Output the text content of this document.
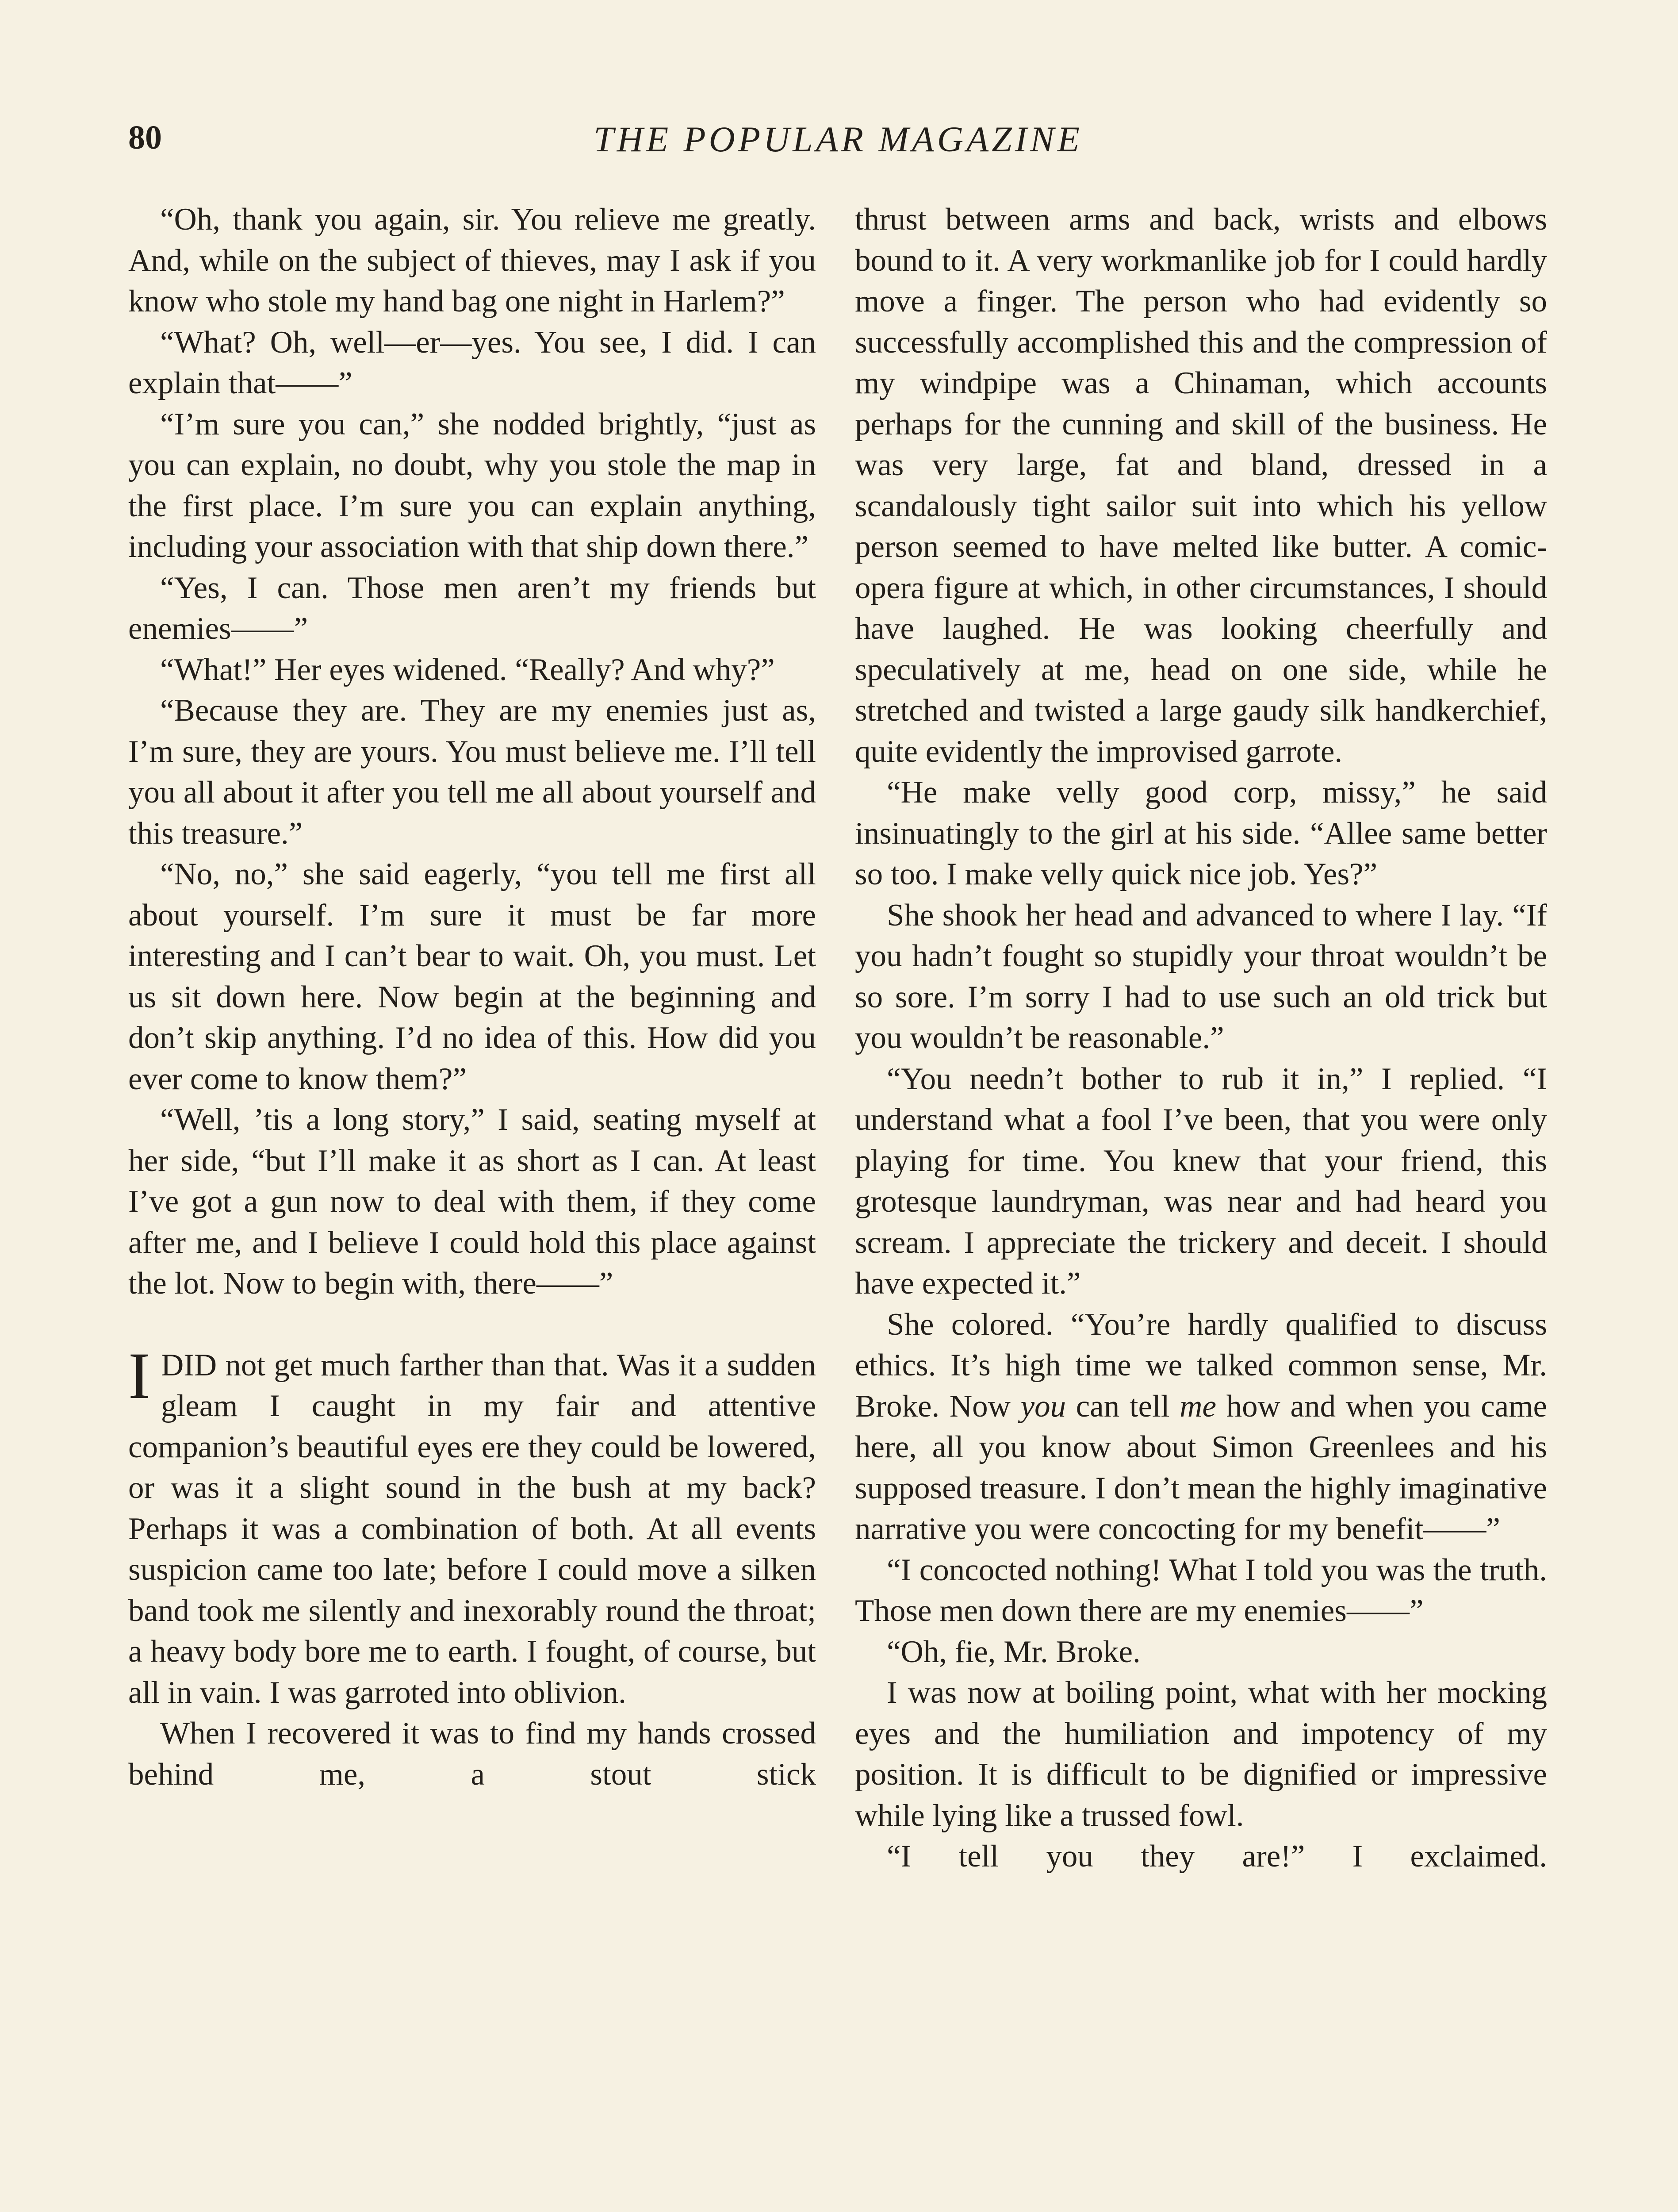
80	THE POPULAR MAGAZINE

“Oh, thank you again, sir. You relieve me greatly. And, while on the subject of thieves, may I ask if you know who stole my hand bag one night in Harlem?”

“What? Oh, well—er—yes. You see, I did. I can explain that——”

“I’m sure you can,” she nodded brightly, “just as you can explain, no doubt, why you stole the map in the first place. I’m sure you can explain anything, including your association with that ship down there.”

“Yes, I can. Those men aren’t my friends but enemies——”

“What!” Her eyes widened. “Really? And why?”

“Because they are. They are my enemies just as, I’m sure, they are yours. You must believe me. I’ll tell you all about it after you tell me all about yourself and this treasure.”

“No, no,” she said eagerly, “you tell me first all about yourself. I’m sure it must be far more interesting and I can’t bear to wait. Oh, you must. Let us sit down here. Now begin at the beginning and don’t skip anything. I’d no idea of this. How did you ever come to know them?”

“Well, ’tis a long story,” I said, seating myself at her side, “but I’ll make it as short as I can. At least I’ve got a gun now to deal with them, if they come after me, and I believe I could hold this place against the lot. Now to begin with, there——”

IDID not get much farther than that. Was it a sudden gleam I caught in my fair and attentive companion’s beautiful eyes ere they could be lowered, or was it a slight sound in the bush at my back? Perhaps it was a combination of both. At all events suspicion came too late; before I could move a silken band took me silently and inexorably round the throat; a heavy body bore me to earth. I fought, of course, but all in vain. I was garroted into oblivion.

When I recovered it was to find my hands crossed behind me, a stout stick

thrust between arms and back, wrists and elbows bound to it. A very workmanlike job for I could hardly move a finger. The person who had evidently so successfully accomplished this and the compression of my windpipe was a Chinaman, which accounts perhaps for the cunning and skill of the business. He was very large, fat and bland, dressed in a scandalously tight sailor suit into which his yellow person seemed to have melted like butter. A comic-opera figure at which, in other circumstances, I should have laughed. He was looking cheerfully and speculatively at me, head on one side, while he stretched and twisted a large gaudy silk handkerchief, quite evidently the improvised garrote.

“He make velly good corp, missy,” he said insinuatingly to the girl at his side. “Allee same better so too. I make velly quick nice job. Yes?”

She shook her head and advanced to where I lay. “If you hadn’t fought so stupidly your throat wouldn’t be so sore. I’m sorry I had to use such an old trick but you wouldn’t be reasonable.”

“You needn’t bother to rub it in,” I replied. “I understand what a fool I’ve been, that you were only playing for time. You knew that your friend, this grotesque laundryman, was near and had heard you scream. I appreciate the trickery and deceit. I should have expected it.”

She colored. “You’re hardly qualified to discuss ethics. It’s high time we talked common sense, Mr. Broke. Now you can tell me how and when you came here, all you know about Simon Greenlees and his supposed treasure. I don’t mean the highly imaginative narrative you were concocting for my benefit——”

“I concocted nothing! What I told you was the truth. Those men down there are my enemies——”

“Oh, fie, Mr. Broke.

I was now at boiling point, what with her mocking eyes and the humiliation and impotency of my position. It is difficult to be dignified or impressive while lying like a trussed fowl.

“I tell you they are!” I exclaimed.
